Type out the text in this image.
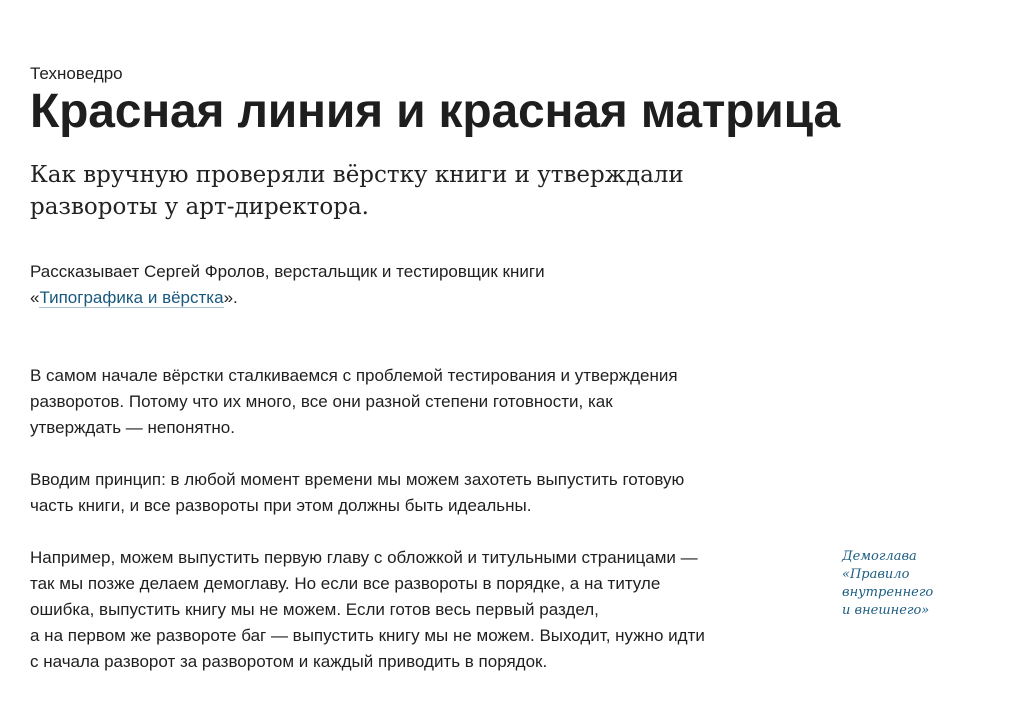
Техноведро
Красная линия и красная матрица
Как вручную проверяли вёрстку книги и утверждали
развороты у арт-директора.
Рассказывает Сергей Фролов, верстальщик и тестировщик книги
«Типографика и вёрстка».

В самом начале вёрстки сталкиваемся с проблемой тестирования и утверждения
разворотов. Потому что их много, все они разной степени готовности, как
утверждать — непонятно.

Вводим принцип: в любой момент времени мы можем захотеть выпустить готовую
часть книги, и все развороты при этом должны быть идеальны.

Например, можем выпустить первую главу с обложкой и титульными страницами —
так мы позже делаем демоглаву. Но если все развороты в порядке, а на титуле
ошибка, выпустить книгу мы не можем. Если готов весь первый раздел,
а на первом же развороте баг — выпустить книгу мы не можем. Выходит, нужно идти
с начала разворот за разворотом и каждый приводить в порядок.

Демоглава
«Правило
внутреннего
и внешнего»
